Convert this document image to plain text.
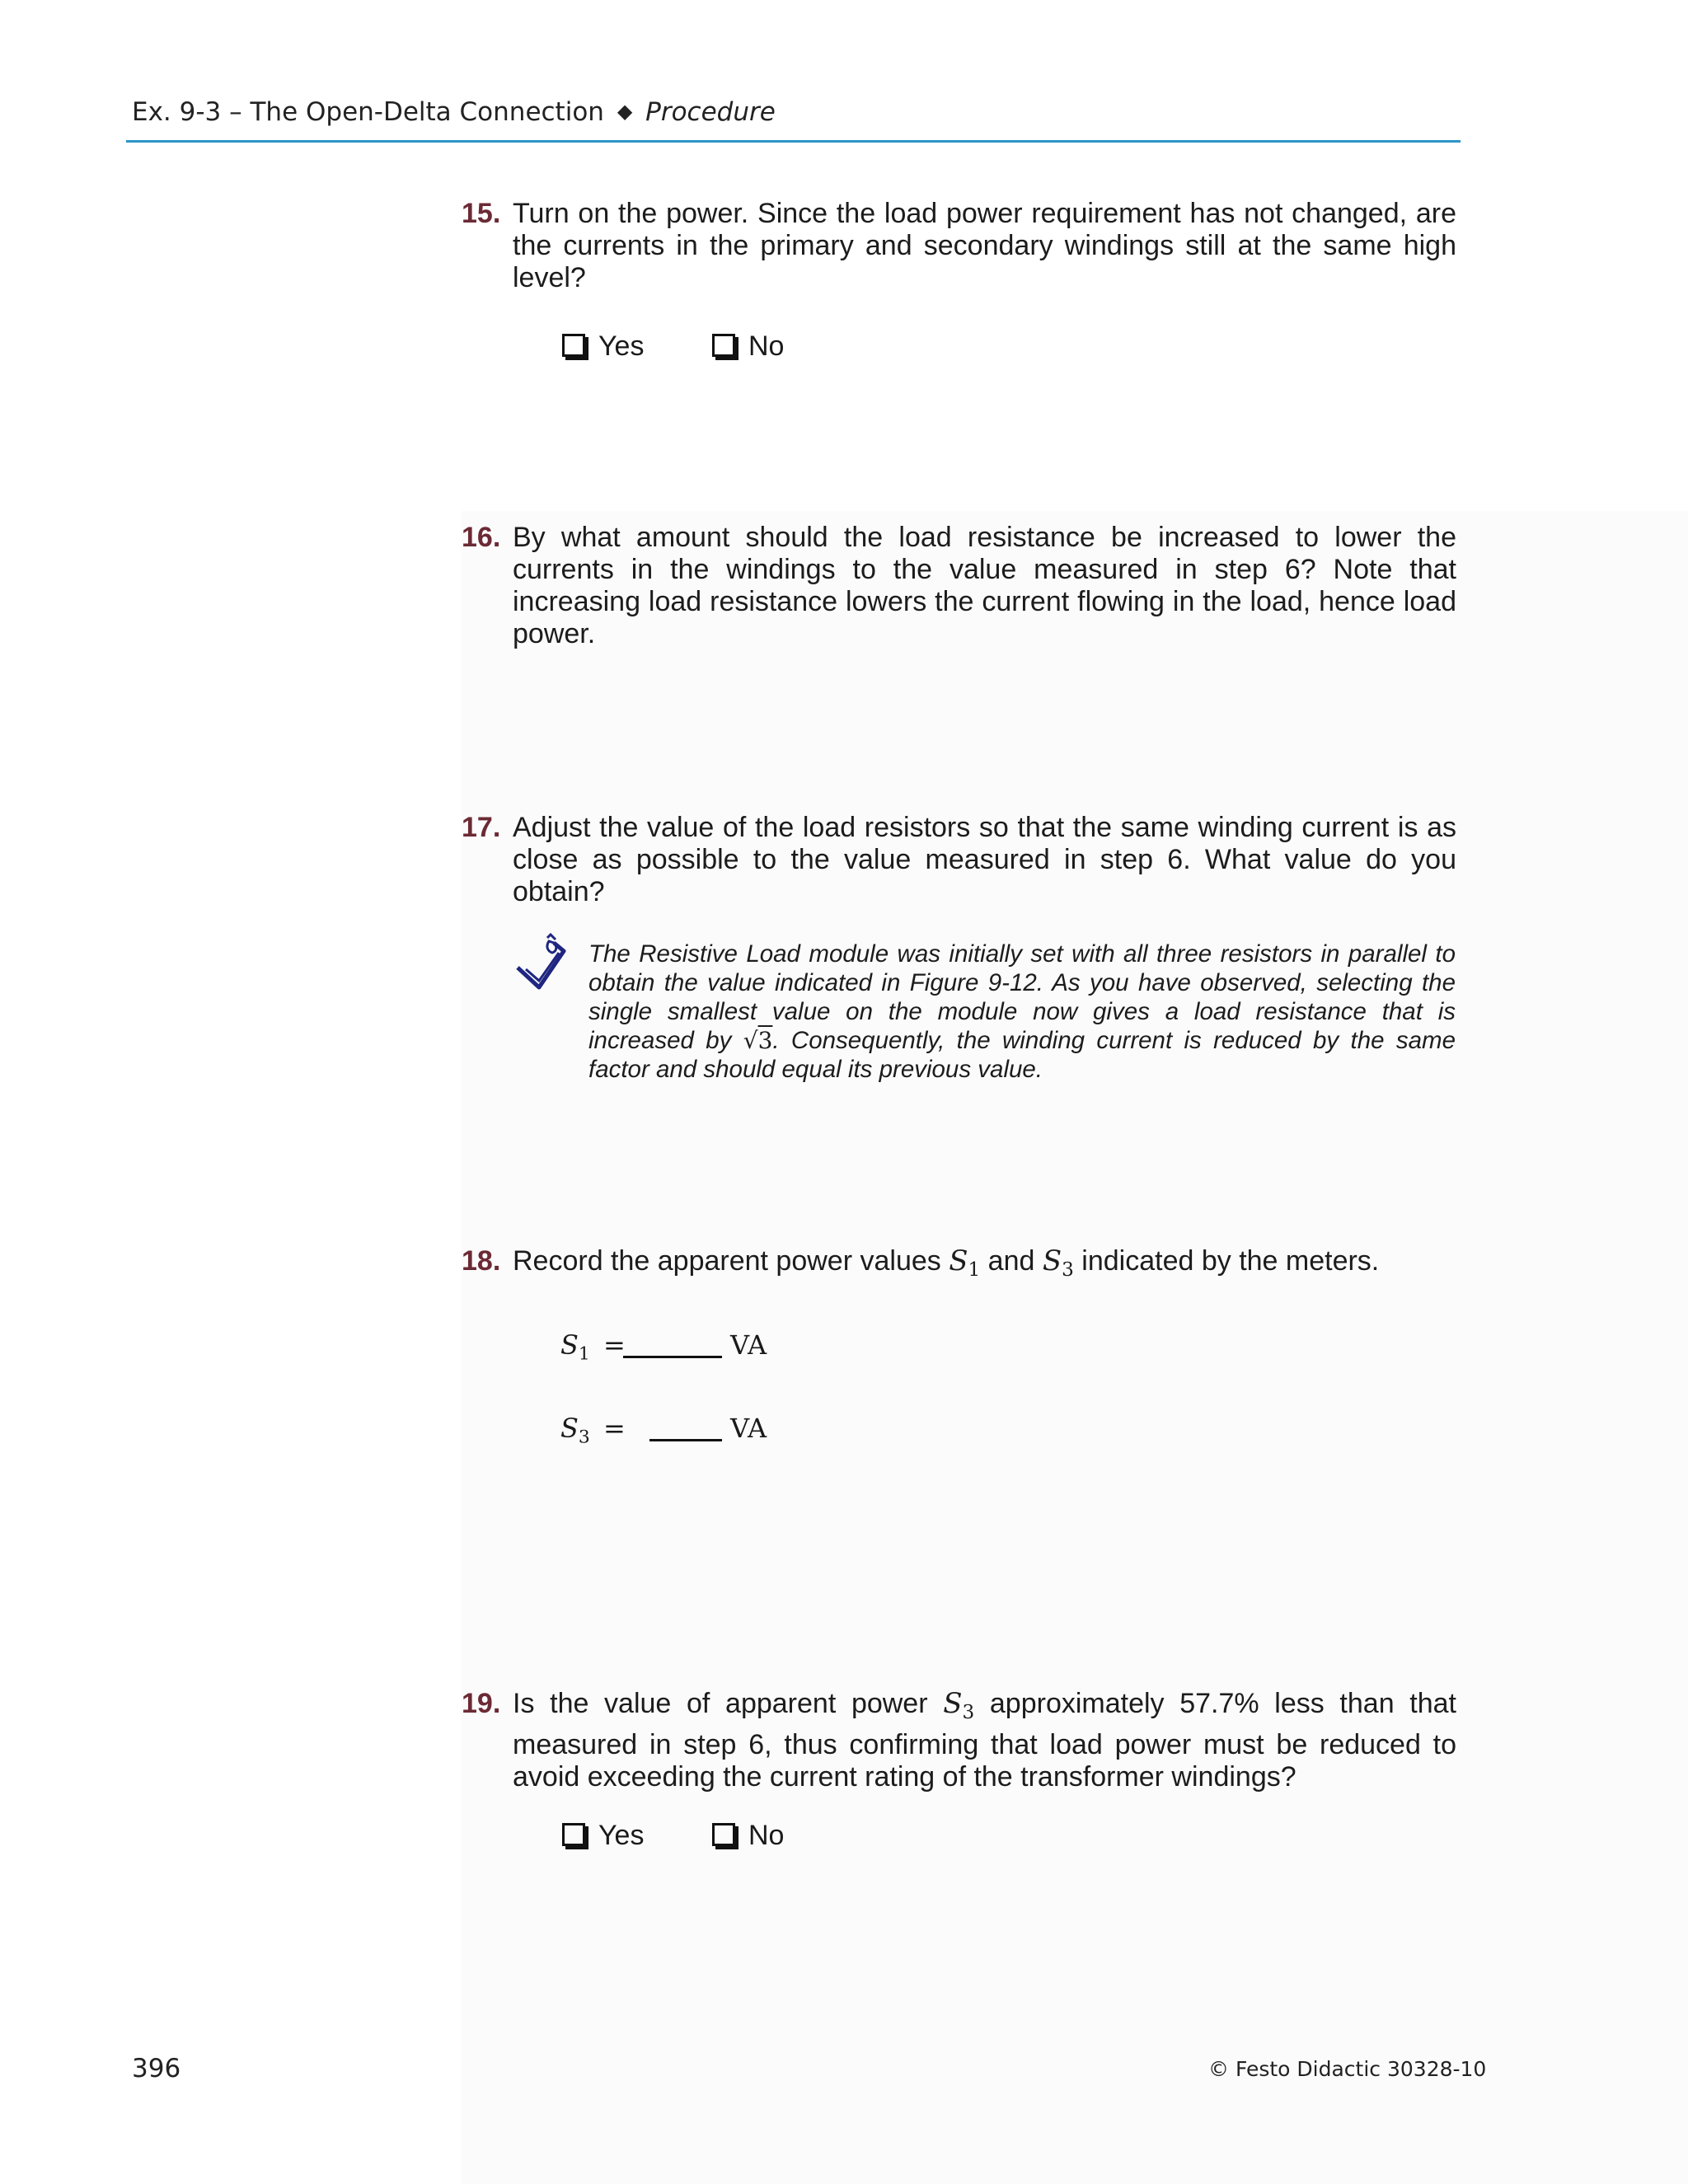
Ex. 9-3 – The Open-Delta Connection ◆ Procedure
15. Turn on the power. Since the load power requirement has not changed, are the currents in the primary and secondary windings still at the same high level?
Yes	No
16. By what amount should the load resistance be increased to lower the currents in the windings to the value measured in step 6? Note that increasing load resistance lowers the current flowing in the load, hence load power.
17. Adjust the value of the load resistors so that the same winding current is as close as possible to the value measured in step 6. What value do you obtain?
The Resistive Load module was initially set with all three resistors in parallel to obtain the value indicated in Figure 9-12. As you have observed, selecting the single smallest value on the module now gives a load resistance that is increased by √3. Consequently, the winding current is reduced by the same factor and should equal its previous value.
18. Record the apparent power values $S_1$ and $S_3$ indicated by the meters.
$S_1$ =	VA
$S_3$ =	VA
19. Is the value of apparent power $S_3$ approximately 57.7% less than that measured in step 6, thus confirming that load power must be reduced to avoid exceeding the current rating of the transformer windings?
Yes	No
396	© Festo Didactic 30328-10
